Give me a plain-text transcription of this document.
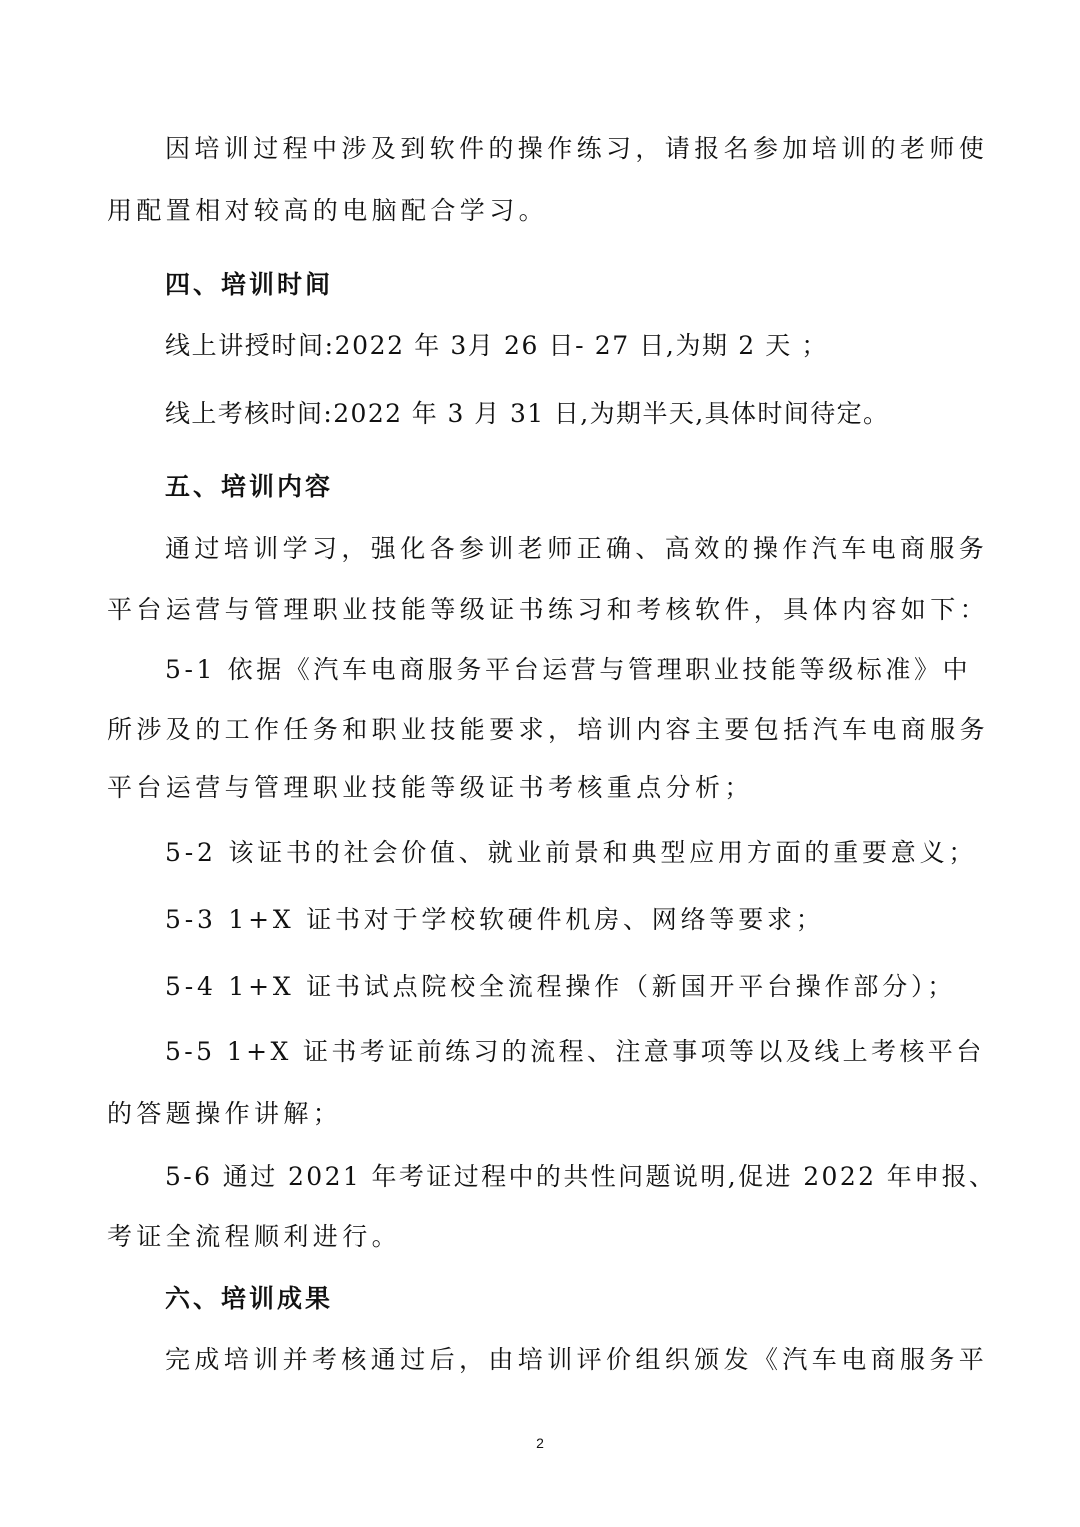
因培训过程中涉及到软件的操作练习，请报名参加培训的老师使
用配置相对较高的电脑配合学习。
四、培训时间
线上讲授时间:2022 年 3月 26 日- 27 日,为期 2 天 ；
线上考核时间:2022 年 3 月 31 日,为期半天,具体时间待定。
五、培训内容
通过培训学习，强化各参训老师正确、高效的操作汽车电商服务
平台运营与管理职业技能等级证书练习和考核软件，具体内容如下：
5-1 依据《汽车电商服务平台运营与管理职业技能等级标准》中
所涉及的工作任务和职业技能要求，培训内容主要包括汽车电商服务
平台运营与管理职业技能等级证书考核重点分析；
5-2 该证书的社会价值、就业前景和典型应用方面的重要意义；
5-3 1+X 证书对于学校软硬件机房、网络等要求；
5-4 1+X 证书试点院校全流程操作（新国开平台操作部分）；
5-5 1+X 证书考证前练习的流程、注意事项等以及线上考核平台
的答题操作讲解；
5-6 通过 2021 年考证过程中的共性问题说明,促进 2022 年申报、
考证全流程顺利进行。
六、培训成果
完成培训并考核通过后，由培训评价组织颁发《汽车电商服务平
2
